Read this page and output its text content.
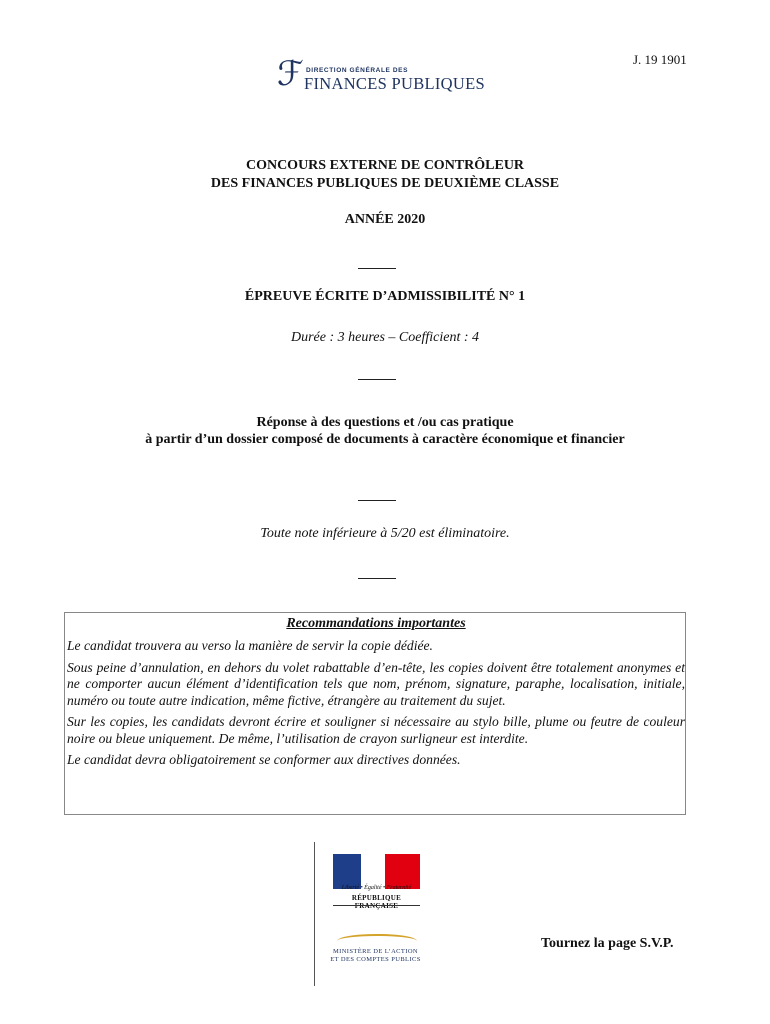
J. 19 1901
ℱ DIRECTION GÉNÉRALE DES
FINANCES PUBLIQUES
CONCOURS EXTERNE DE CONTRÔLEUR
DES FINANCES PUBLIQUES DE DEUXIÈME CLASSE
ANNÉE 2020
ÉPREUVE ÉCRITE D’ADMISSIBILITÉ N° 1
Durée : 3 heures – Coefficient : 4
Réponse à des questions et /ou cas pratique
à partir d’un dossier composé de documents à caractère économique et financier
Toute note inférieure à 5/20 est éliminatoire.
Recommandations importantes

Le candidat trouvera au verso la manière de servir la copie dédiée.

Sous peine d’annulation, en dehors du volet rabattable d’en-tête, les copies doivent être totalement anonymes et ne comporter aucun élément d’identification tels que nom, prénom, signature, paraphe, localisation, initiale, numéro ou toute autre indication, même fictive, étrangère au traitement du sujet.

Sur les copies, les candidats devront écrire et souligner si nécessaire au stylo bille, plume ou feutre de couleur noire ou bleue uniquement. De même, l’utilisation de crayon surligneur est interdite.

Le candidat devra obligatoirement se conformer aux directives données.

Liberté • Égalité • Fraternité
RÉPUBLIQUE FRANÇAISE
MINISTÈRE DE L’ACTION
ET DES COMPTES PUBLICS
Tournez la page S.V.P.
